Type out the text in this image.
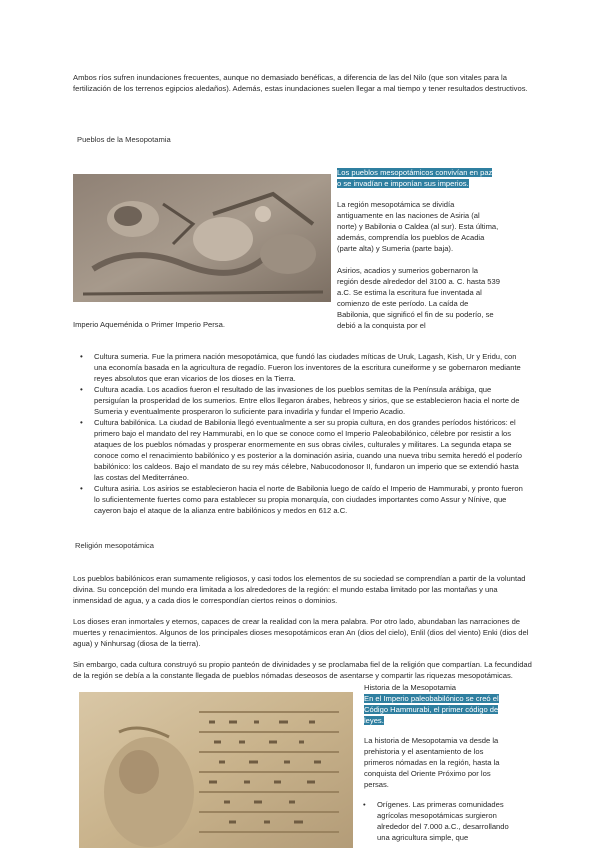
Ambos ríos sufren inundaciones frecuentes, aunque no demasiado benéficas, a diferencia de las del Nilo (que son vitales para la fertilización de los terrenos egipcios aledaños). Además, estas inundaciones suelen llegar a mal tiempo y tener resultados destructivos.

Pueblos de la Mesopotamia
Los pueblos mesopotámicos convivían en paz o se invadían e imponían sus imperios.

La región mesopotámica se dividía antiguamente en las naciones de Asiria (al norte) y Babilonia o Caldea (al sur). Esta última, además, comprendía los pueblos de Acadia (parte alta) y Sumeria (parte baja).

Asirios, acadios y sumerios gobernaron la región desde alrededor del 3100 a. C. hasta 539 a.C. Se estima la escritura fue inventada al comienzo de este período. La caída de Babilonia, que significó el fin de su poderío, se debió a la conquista por el

Imperio Aqueménida o Primer Imperio Persa.

• Cultura sumeria. Fue la primera nación mesopotámica, que fundó las ciudades míticas de Uruk, Lagash, Kish, Ur y Eridu, con una economía basada en la agricultura de regadío. Fueron los inventores de la escritura cuneiforme y se gobernaron mediante reyes absolutos que eran vicarios de los dioses en la Tierra.
• Cultura acadia. Los acadios fueron el resultado de las invasiones de los pueblos semitas de la Península arábiga, que persiguían la prosperidad de los sumerios. Entre ellos llegaron árabes, hebreos y sirios, que se establecieron hacia el norte de Sumeria y eventualmente prosperaron lo suficiente para invadirla y fundar el Imperio Acadio.
• Cultura babilónica. La ciudad de Babilonia llegó eventualmente a ser su propia cultura, en dos grandes períodos históricos: el primero bajo el mandato del rey Hammurabi, en lo que se conoce como el Imperio Paleobabilónico, célebre por resistir a los ataques de los pueblos nómadas y prosperar enormemente en sus obras civiles, culturales y militares. La segunda etapa se conoce como el renacimiento babilónico y es posterior a la dominación asiria, cuando una nueva tribu semita heredó el poderío babilónico: los caldeos. Bajo el mandato de su rey más célebre, Nabucodonosor II, fundaron un imperio que se extendió hasta las costas del Mediterráneo.
• Cultura asiria. Los asirios se establecieron hacia el norte de Babilonia luego de caído el Imperio de Hammurabi, y pronto fueron lo suficientemente fuertes como para establecer su propia monarquía, con ciudades importantes como Assur y Nínive, que cayeron bajo el ataque de la alianza entre babilónicos y medos en 612 a.C.
Religión mesopotámica

Los pueblos babilónicos eran sumamente religiosos, y casi todos los elementos de su sociedad se comprendían a partir de la voluntad divina. Su concepción del mundo era limitada a los alrededores de la región: el mundo estaba limitado por las montañas y una inmensidad de agua, y a cada dios le correspondían ciertos reinos o dominios.

Los dioses eran inmortales y eternos, capaces de crear la realidad con la mera palabra. Por otro lado, abundaban las narraciones de muertes y renacimientos. Algunos de los principales dioses mesopotámicos eran An (dios del cielo), Enlil (dios del viento) Enki (dios del agua) y Ninhursag (diosa de la tierra).

Sin embargo, cada cultura construyó su propio panteón de divinidades y se proclamaba fiel de la religión que compartían. La fecundidad de la región se debía a la constante llegada de pueblos nómadas deseosos de asentarse y compartir las riquezas mesopotámicas.

Historia de la Mesopotamia
En el Imperio paleobabilónico se creó el Código Hammurabi, el primer código de leyes.

La historia de Mesopotamia va desde la prehistoria y el asentamiento de los primeros nómadas en la región, hasta la conquista del Oriente Próximo por los persas.

• Orígenes. Las primeras comunidades agrícolas mesopotámicas surgieron alrededor del 7.000 a.C., desarrollando una agricultura simple, que
